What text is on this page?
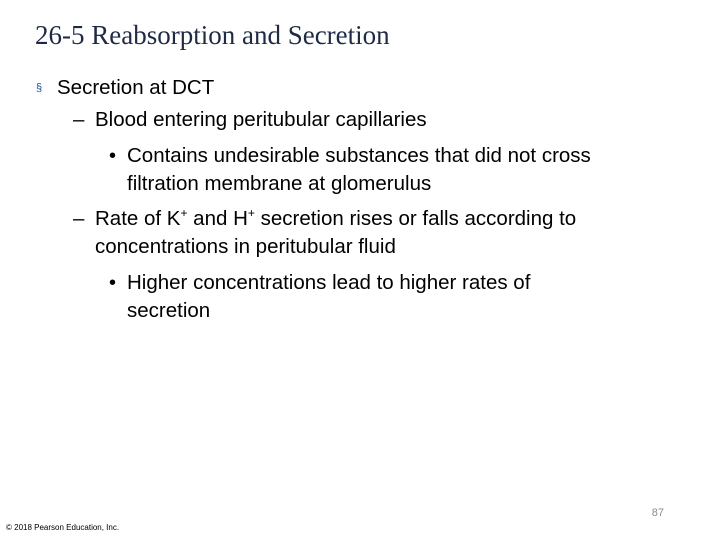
26-5 Reabsorption and Secretion
§ Secretion at DCT
– Blood entering peritubular capillaries
• Contains undesirable substances that did not cross
filtration membrane at glomerulus
– Rate of K+ and H+ secretion rises or falls according to
concentrations in peritubular fluid
• Higher concentrations lead to higher rates of
secretion
87
© 2018 Pearson Education, Inc.
